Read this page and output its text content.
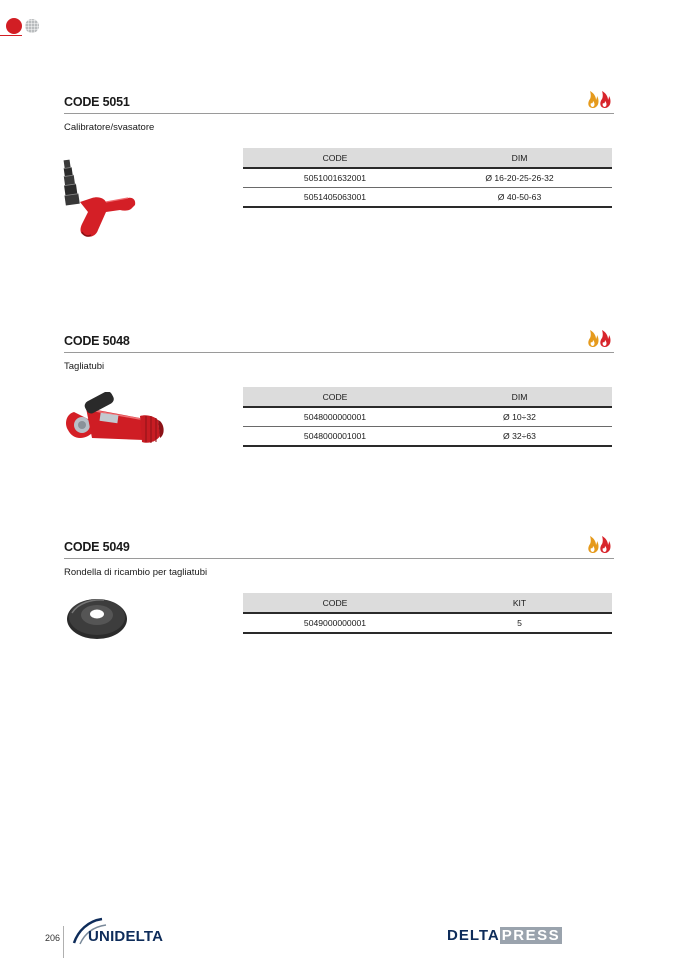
CODE 5051
Calibratore/svasatore
CODE	DIM
5051001632001	Ø 16-20-25-26-32
5051405063001	Ø 40-50-63
CODE 5048
Tagliatubi
CODE	DIM
5048000000001	Ø 10÷32
5048000001001	Ø 32÷63
CODE 5049
Rondella di ricambio per tagliatubi
CODE	KIT
5049000000001	5
206 UNIDELTA	DELTA PRESS
